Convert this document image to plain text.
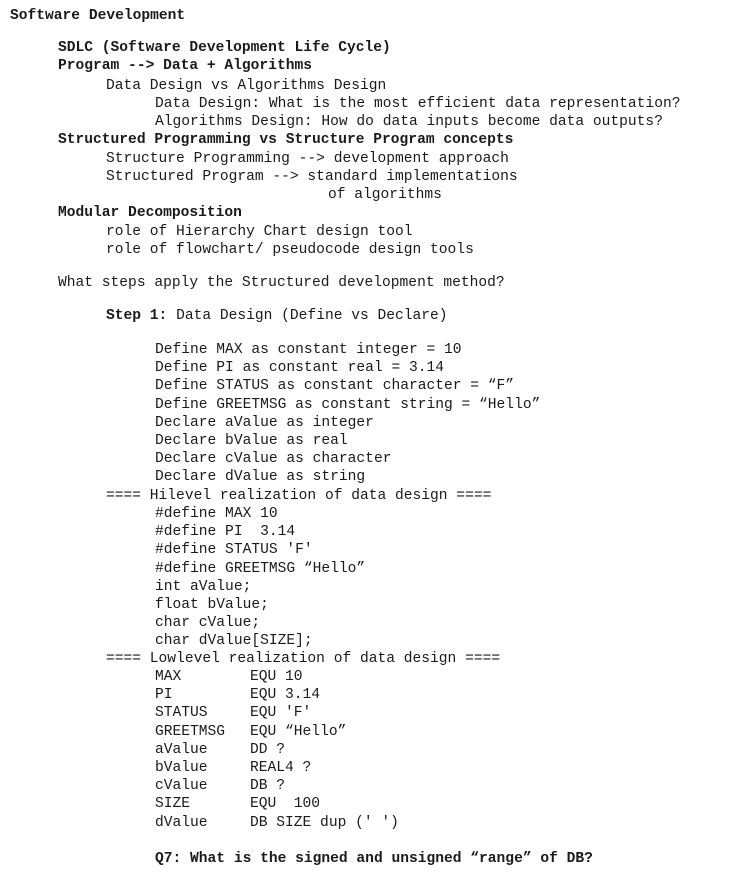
Software Development
SDLC (Software Development Life Cycle)
Program --> Data + Algorithms
Data Design vs Algorithms Design
Data Design: What is the most efficient data representation?
Algorithms Design: How do data inputs become data outputs?
Structured Programming vs Structure Program concepts
Structure Programming --> development approach
Structured Program --> standard implementations
of algorithms
Modular Decomposition
role of Hierarchy Chart design tool
role of flowchart/ pseudocode design tools
What steps apply the Structured development method?
Step 1: Data Design (Define vs Declare)
Define MAX as constant integer = 10
Define PI as constant real = 3.14
Define STATUS as constant character = “F”
Define GREETMSG as constant string = “Hello”
Declare aValue as integer
Declare bValue as real
Declare cValue as character
Declare dValue as string
==== Hilevel realization of data design ====
#define MAX 10
#define PI  3.14
#define STATUS 'F'
#define GREETMSG “Hello”
int aValue;
float bValue;
char cValue;
char dValue[SIZE];
==== Lowlevel realization of data design ====
MAX	EQU 10
PI	EQU 3.14
STATUS	EQU 'F'
GREETMSG EQU “Hello”
aValue	DD ?
bValue	REAL4 ?
cValue	DB ?
SIZE	EQU  100
dValue	DB SIZE dup (' ')
Q7: What is the signed and unsigned “range” of DB?
